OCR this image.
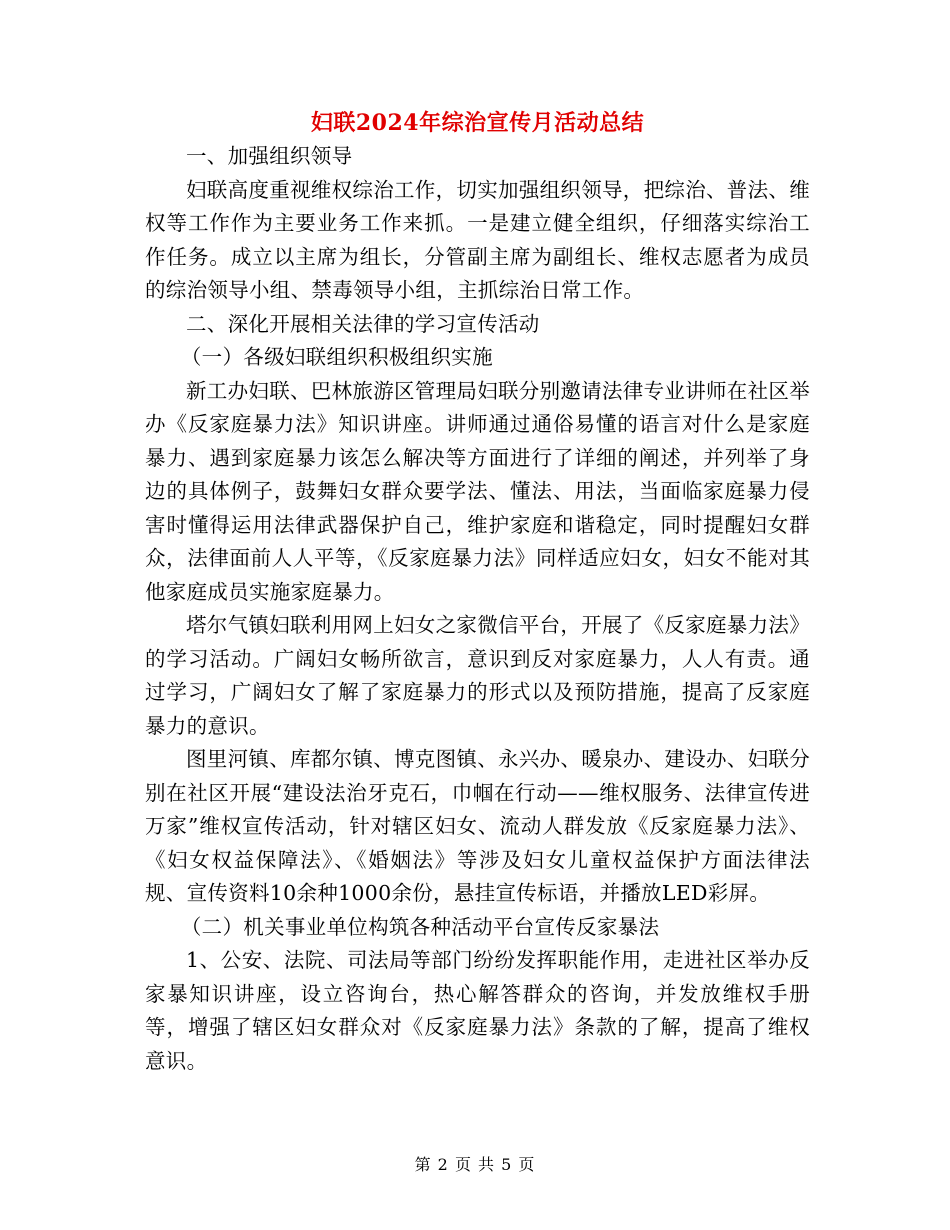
妇联2024年综治宣传月活动总结

一、加强组织领导

妇联高度重视维权综治工作，切实加强组织领导，把综治、普法、维权等工作作为主要业务工作来抓。一是建立健全组织，仔细落实综治工作任务。成立以主席为组长，分管副主席为副组长、维权志愿者为成员的综治领导小组、禁毒领导小组，主抓综治日常工作。

二、深化开展相关法律的学习宣传活动

（一）各级妇联组织积极组织实施

新工办妇联、巴林旅游区管理局妇联分别邀请法律专业讲师在社区举办《反家庭暴力法》知识讲座。讲师通过通俗易懂的语言对什么是家庭暴力、遇到家庭暴力该怎么解决等方面进行了详细的阐述，并列举了身边的具体例子，鼓舞妇女群众要学法、懂法、用法，当面临家庭暴力侵害时懂得运用法律武器保护自己，维护家庭和谐稳定，同时提醒妇女群众，法律面前人人平等，《反家庭暴力法》同样适应妇女，妇女不能对其他家庭成员实施家庭暴力。

塔尔气镇妇联利用网上妇女之家微信平台，开展了《反家庭暴力法》的学习活动。广阔妇女畅所欲言，意识到反对家庭暴力，人人有责。通过学习，广阔妇女了解了家庭暴力的形式以及预防措施，提高了反家庭暴力的意识。

图里河镇、库都尔镇、博克图镇、永兴办、暖泉办、建设办、妇联分别在社区开展“建设法治牙克石，巾帼在行动——维权服务、法律宣传进万家”维权宣传活动，针对辖区妇女、流动人群发放《反家庭暴力法》、《妇女权益保障法》、《婚姻法》等涉及妇女儿童权益保护方面法律法规、宣传资料10余种1000余份，悬挂宣传标语，并播放LED彩屏。

（二）机关事业单位构筑各种活动平台宣传反家暴法

1、公安、法院、司法局等部门纷纷发挥职能作用，走进社区举办反家暴知识讲座，设立咨询台，热心解答群众的咨询，并发放维权手册等，增强了辖区妇女群众对《反家庭暴力法》条款的了解，提高了维权意识。

第 2 页 共 5 页
